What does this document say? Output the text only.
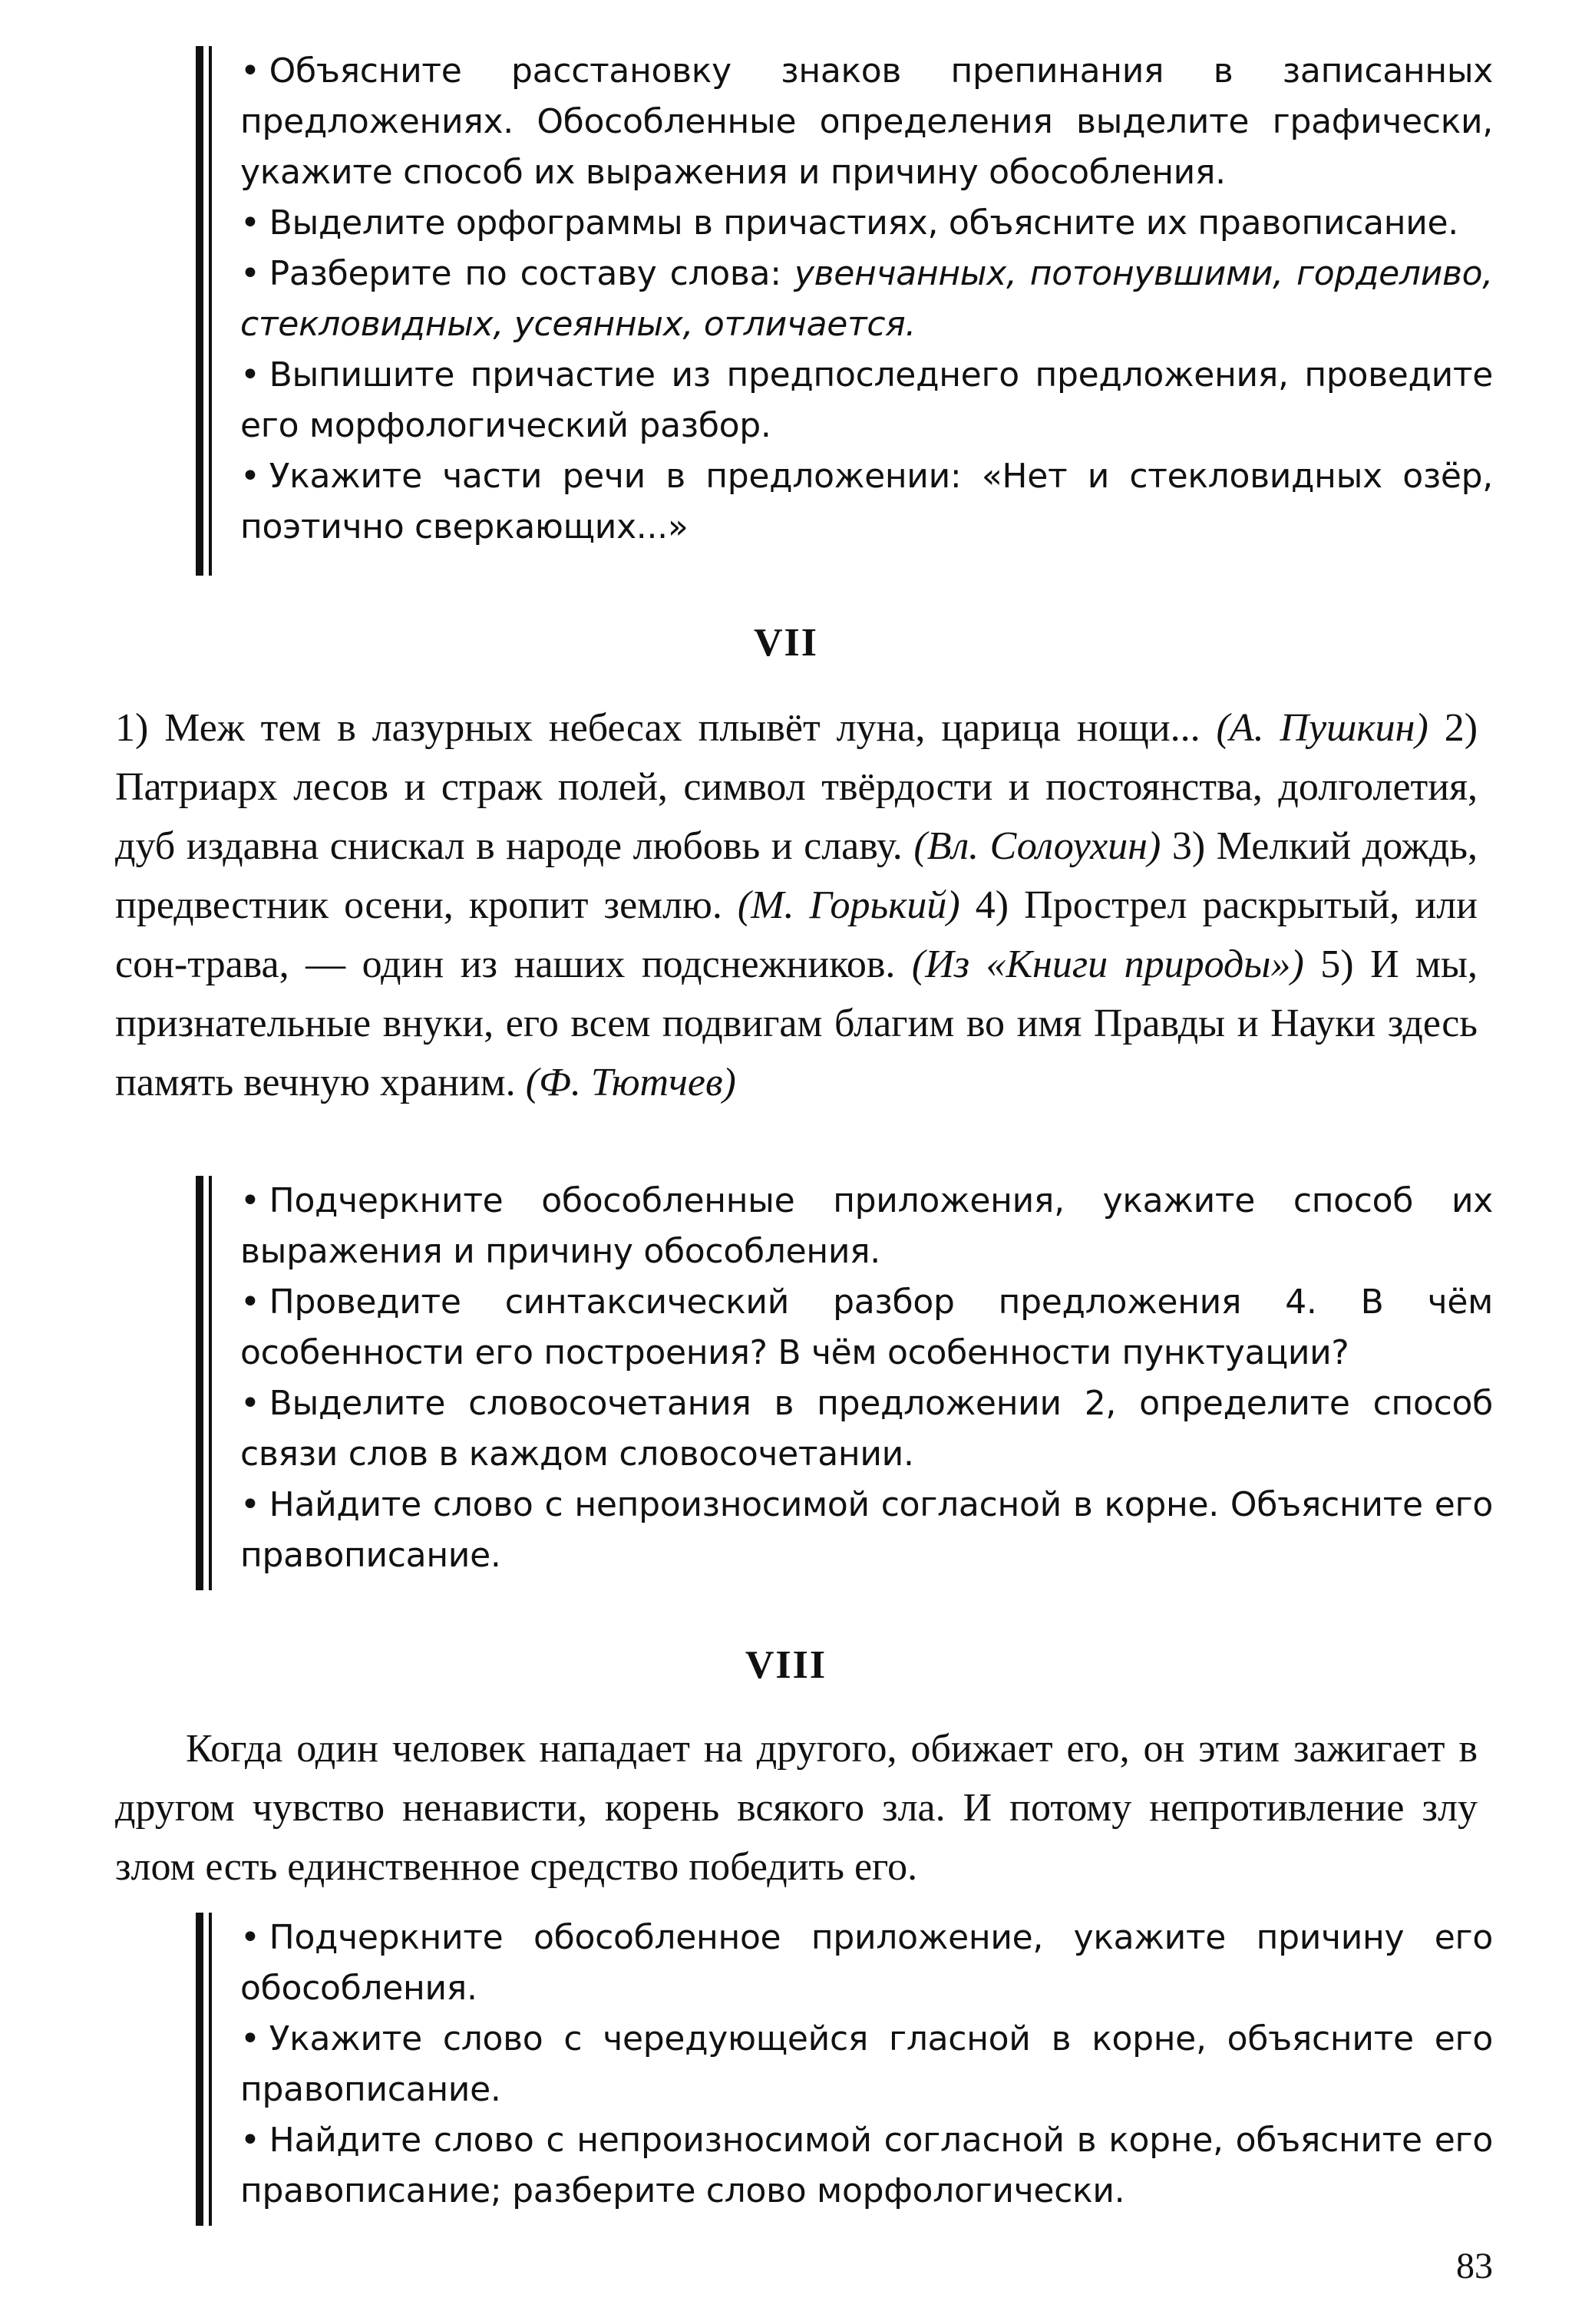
• Объясните расстановку знаков препинания в записанных предложениях. Обособленные определения выделите графически, укажите способ их выражения и причину обособления.
• Выделите орфограммы в причастиях, объясните их правописание.
• Разберите по составу слова: увенчанных, потонувшими, горделиво, стекловидных, усеянных, отличается.
• Выпишите причастие из предпоследнего предложения, проведите его морфологический разбор.
• Укажите части речи в предложении: «Нет и стекловидных озёр, поэтично сверкающих...»
VII

1) Меж тем в лазурных небесах плывёт луна, царица нощи... (А. Пушкин) 2) Патриарх лесов и страж полей, символ твёрдости и постоянства, долголетия, дуб издавна снискал в народе любовь и славу. (Вл. Солоухин) 3) Мелкий дождь, предвестник осени, кропит землю. (М. Горький) 4) Прострел раскрытый, или сон-трава, — один из наших подснежников. (Из «Книги природы») 5) И мы, признательные внуки, его всем подвигам благим во имя Правды и Науки здесь память вечную храним. (Ф. Тютчев)

• Подчеркните обособленные приложения, укажите способ их выражения и причину обособления.
• Проведите синтаксический разбор предложения 4. В чём особенности его построения? В чём особенности пунктуации?
• Выделите словосочетания в предложении 2, определите способ связи слов в каждом словосочетании.
• Найдите слово с непроизносимой согласной в корне. Объясните его правописание.
VIII

Когда один человек нападает на другого, обижает его, он этим зажигает в другом чувство ненависти, корень всякого зла. И потому непротивление злу злом есть единственное средство победить его.

• Подчеркните обособленное приложение, укажите причину его обособления.
• Укажите слово с чередующейся гласной в корне, объясните его правописание.
• Найдите слово с непроизносимой согласной в корне, объясните его правописание; разберите слово морфологически.
83
